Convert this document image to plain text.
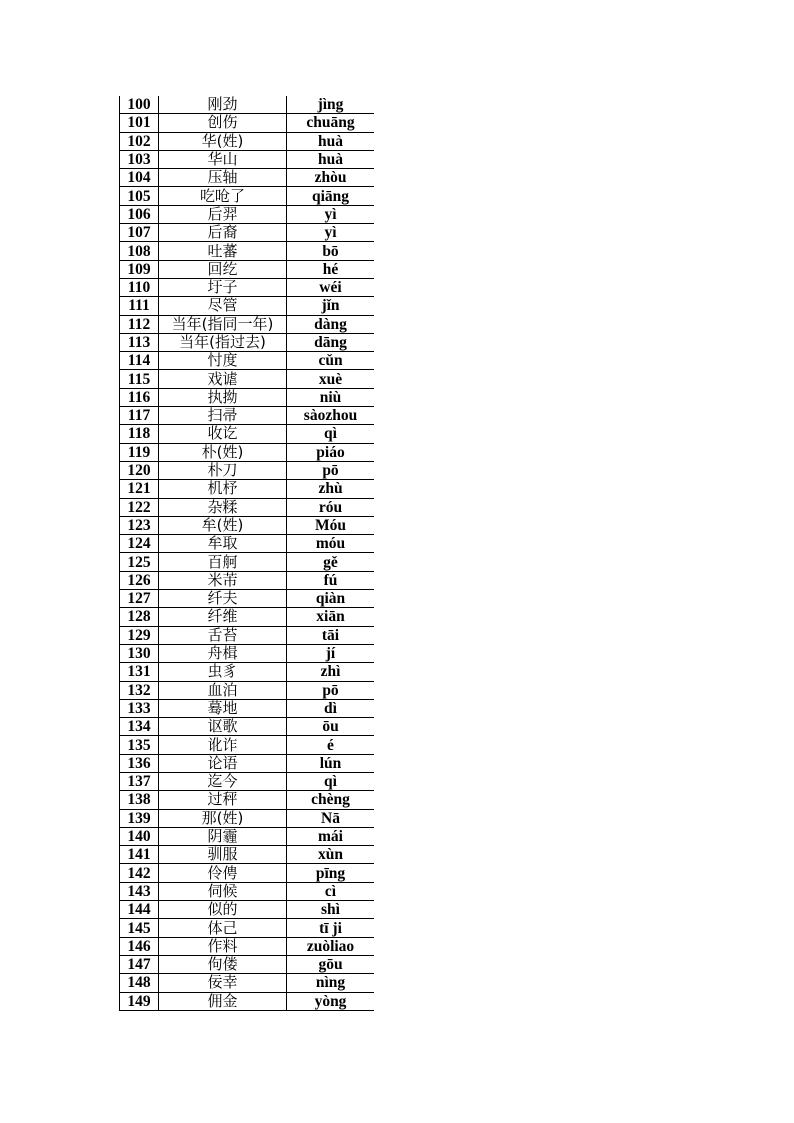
100	刚劲	jìng
101	创伤	chuāng
102	华(姓)	huà
103	华山	huà
104	压轴	zhòu
105	吃呛了	qiāng
106	后羿	yì
107	后裔	yì
108	吐蕃	bō
109	回纥	hé
110	圩子	wéi
111	尽管	jǐn
112	当年(指同一年)	dàng
113	当年(指过去)	dāng
114	忖度	cǔn
115	戏谑	xuè
116	执拗	niù
117	扫帚	sàozhou
118	收讫	qì
119	朴(姓)	piáo
120	朴刀	pō
121	机杼	zhù
122	杂糅	róu
123	牟(姓)	Móu
124	牟取	móu
125	百舸	gě
126	米芾	fú
127	纤夫	qiàn
128	纤维	xiān
129	舌苔	tāi
130	舟楫	jí
131	虫豸	zhì
132	血泊	pō
133	蓦地	dì
134	讴歌	ōu
135	讹诈	é
136	论语	lún
137	迄今	qì
138	过秤	chèng
139	那(姓)	Nā
140	阴霾	mái
141	驯服	xùn
142	伶俜	pīng
143	伺候	cì
144	似的	shì
145	体己	tī ji
146	作料	zuòliao
147	佝偻	gōu
148	佞幸	nìng
149	佣金	yòng
